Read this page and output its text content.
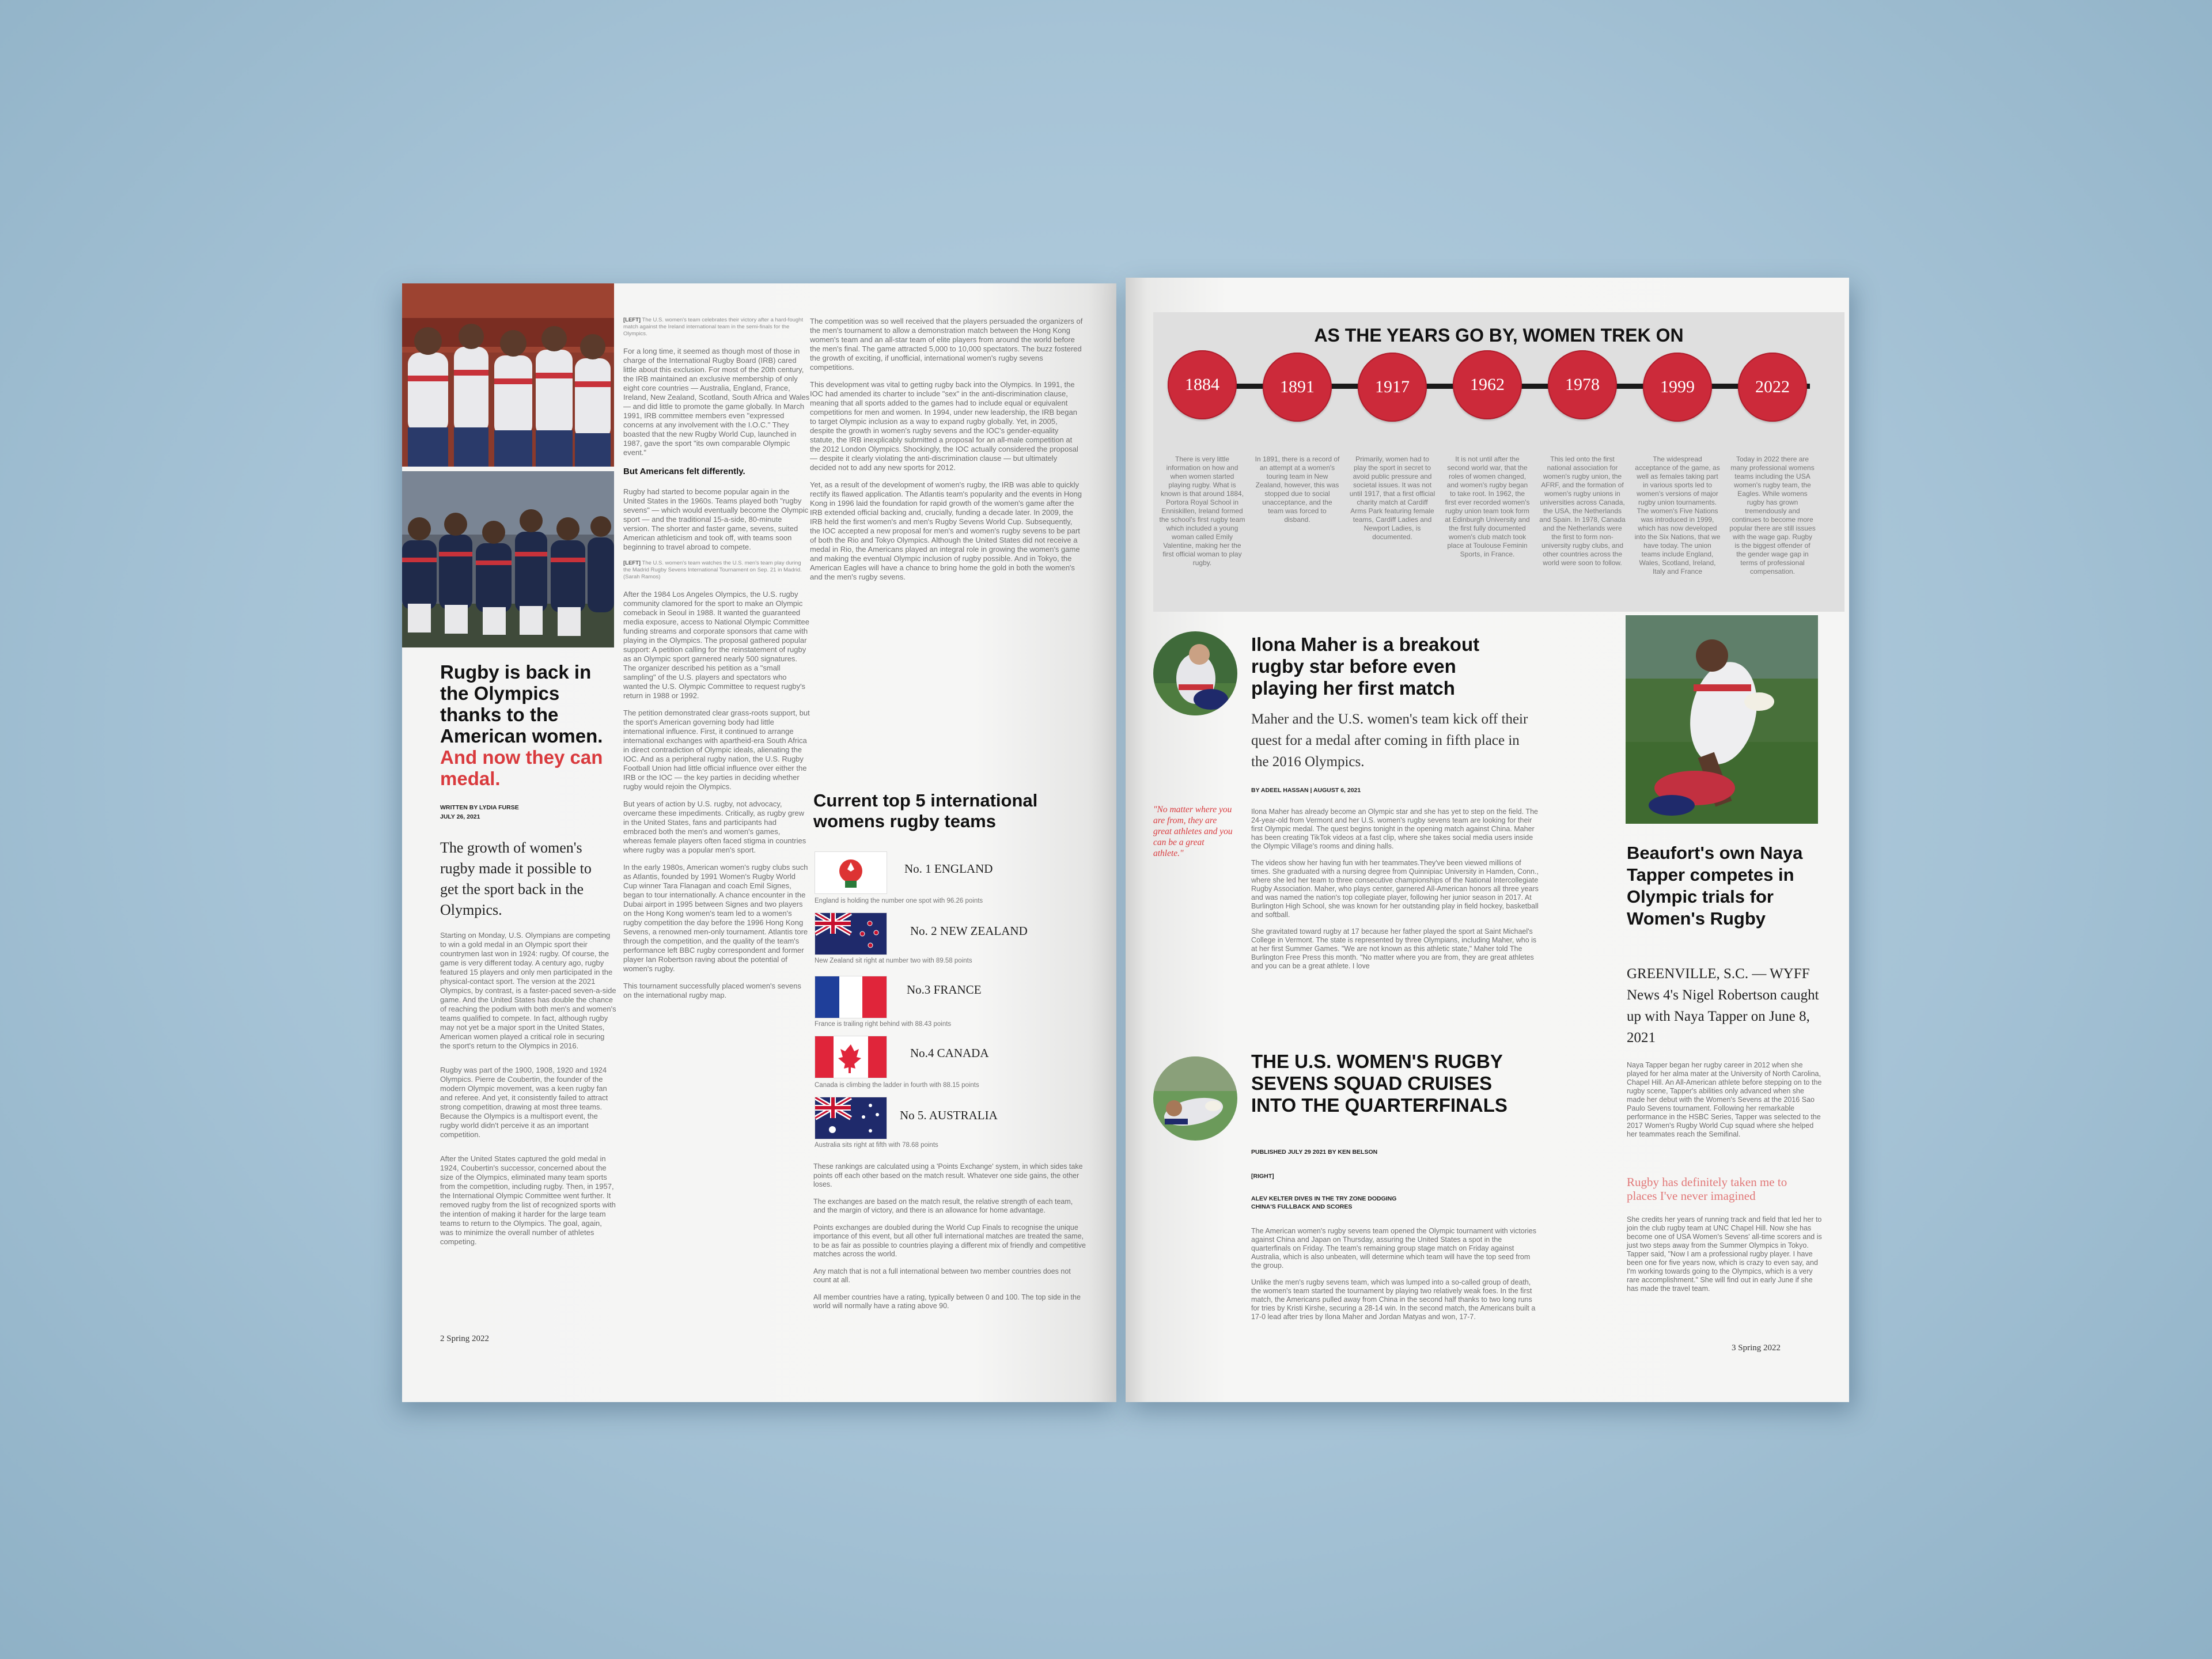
Rugby is back in the Olympics thanks to the American women. And now they can medal.
WRITTEN BY LYDIA FURSE
JULY 26, 2021
The growth of women's rugby made it possible to get the sport back in the Olympics.

Starting on Monday, U.S. Olympians are competing to win a gold medal in an Olympic sport their countrymen last won in 1924: rugby. Of course, the game is very different today. A century ago, rugby featured 15 players and only men participated in the physical-contact sport. The version at the 2021 Olympics, by contrast, is a faster-paced seven-a-side game. And the United States has double the chance of reaching the podium with both men's and women's teams qualified to compete. In fact, although rugby may not yet be a major sport in the United States, American women played a critical role in securing the sport's return to the Olympics in 2016.

Rugby was part of the 1900, 1908, 1920 and 1924 Olympics. Pierre de Coubertin, the founder of the modern Olympic movement, was a keen rugby fan and referee. And yet, it consistently failed to attract strong competition, drawing at most three teams. Because the Olympics is a multisport event, the rugby world didn't perceive it as an important competition.

After the United States captured the gold medal in 1924, Coubertin's successor, concerned about the size of the Olympics, eliminated many team sports from the competition, including rugby. Then, in 1957, the International Olympic Committee went further. It removed rugby from the list of recognized sports with the intention of making it harder for the large team teams to return to the Olympics. The goal, again, was to minimize the overall number of athletes competing.

2 Spring 2022
[LEFT] The U.S. women's team celebrates their victory after a hard-fought match against the Ireland international team in the semi-finals for the Olympics.

For a long time, it seemed as though most of those in charge of the International Rugby Board (IRB) cared little about this exclusion. For most of the 20th century, the IRB maintained an exclusive membership of only eight core countries — Australia, England, France, Ireland, New Zealand, Scotland, South Africa and Wales — and did little to promote the game globally. In March 1991, IRB committee members even "expressed concerns at any involvement with the I.O.C." They boasted that the new Rugby World Cup, launched in 1987, gave the sport "its own comparable Olympic event."

But Americans felt differently.

Rugby had started to become popular again in the United States in the 1960s. Teams played both "rugby sevens" — which would eventually become the Olympic sport — and the traditional 15-a-side, 80-minute version. The shorter and faster game, sevens, suited American athleticism and took off, with teams soon beginning to travel abroad to compete.

[LEFT] The U.S. women's team watches the U.S. men's team play during the Madrid Rugby Sevens International Tournament on Sep. 21 in Madrid. (Sarah Ramos)

After the 1984 Los Angeles Olympics, the U.S. rugby community clamored for the sport to make an Olympic comeback in Seoul in 1988. It wanted the guaranteed media exposure, access to National Olympic Committee funding streams and corporate sponsors that came with playing in the Olympics. The proposal gathered popular support: A petition calling for the reinstatement of rugby as an Olympic sport garnered nearly 500 signatures. The organizer described his petition as a "small sampling" of the U.S. players and spectators who wanted the U.S. Olympic Committee to request rugby's return in 1988 or 1992.

The petition demonstrated clear grass-roots support, but the sport's American governing body had little international influence. First, it continued to arrange international exchanges with apartheid-era South Africa in direct contradiction of Olympic ideals, alienating the IOC. And as a peripheral rugby nation, the U.S. Rugby Football Union had little official influence over either the IRB or the IOC — the key parties in deciding whether rugby would rejoin the Olympics.

But years of action by U.S. rugby, not advocacy, overcame these impediments. Critically, as rugby grew in the United States, fans and participants had embraced both the men's and women's games, whereas female players often faced stigma in countries where rugby was a popular men's sport.

In the early 1980s, American women's rugby clubs such as Atlantis, founded by 1991 Women's Rugby World Cup winner Tara Flanagan and coach Emil Signes, began to tour internationally. A chance encounter in the Dubai airport in 1995 between Signes and two players on the Hong Kong women's team led to a women's rugby competition the day before the 1996 Hong Kong Sevens, a renowned men-only tournament. Atlantis tore through the competition, and the quality of the team's performance left BBC rugby correspondent and former player Ian Robertson raving about the potential of women's rugby.

This tournament successfully placed women's sevens on the international rugby map.

The competition was so well received that the players persuaded the organizers of the men's tournament to allow a demonstration match between the Hong Kong women's team and an all-star team of elite players from around the world before the men's final. The game attracted 5,000 to 10,000 spectators. The buzz fostered the growth of exciting, if unofficial, international women's rugby sevens competitions.

This development was vital to getting rugby back into the Olympics. In 1991, the IOC had amended its charter to include "sex" in the anti-discrimination clause, meaning that all sports added to the games had to include equal or equivalent competitions for men and women. In 1994, under new leadership, the IRB began to target Olympic inclusion as a way to expand rugby globally. Yet, in 2005, despite the growth in women's rugby sevens and the IOC's gender-equality statute, the IRB inexplicably submitted a proposal for an all-male competition at the 2012 London Olympics. Shockingly, the IOC actually considered the proposal — despite it clearly violating the anti-discrimination clause — but ultimately decided not to add any new sports for 2012.

Yet, as a result of the development of women's rugby, the IRB was able to quickly rectify its flawed application. The Atlantis team's popularity and the events in Hong Kong in 1996 laid the foundation for rapid growth of the women's game after the IRB extended official backing and, crucially, funding a decade later. In 2009, the IRB held the first women's and men's Rugby Sevens World Cup. Subsequently, the IOC accepted a new proposal for men's and women's rugby sevens to be part of both the Rio and Tokyo Olympics. Although the United States did not receive a medal in Rio, the Americans played an integral role in growing the women's game and making the eventual Olympic inclusion of rugby possible. And in Tokyo, the American Eagles will have a chance to bring home the gold in both the women's and the men's rugby sevens.

Current top 5 international womens rugby teams
No. 1 ENGLAND
England is holding the number one spot with 96.26 points
No. 2 NEW ZEALAND
New Zealand sit right at number two with 89.58 points
No.3 FRANCE
France is trailing right behind with 88.43 points
No.4 CANADA
Canada is climbing the ladder in fourth with 88.15 points
No 5. AUSTRALIA
Australia sits right at fifth with 78.68 points

These rankings are calculated using a 'Points Exchange' system, in which sides take points off each other based on the match result. Whatever one side gains, the other loses.

The exchanges are based on the match result, the relative strength of each team, and the margin of victory, and there is an allowance for home advantage.

Points exchanges are doubled during the World Cup Finals to recognise the unique importance of this event, but all other full international matches are treated the same, to be as fair as possible to countries playing a different mix of friendly and competitive matches across the world.

Any match that is not a full international between two member countries does not count at all.

All member countries have a rating, typically between 0 and 100. The top side in the world will normally have a rating above 90.

AS THE YEARS GO BY, WOMEN TREK ON
1884	1891	1917	1962	1978	1999	2022
There is very little information on how and when women started playing rugby. What is known is that around 1884, Portora Royal School in Enniskillen, Ireland formed the school's first rugby team which included a young woman called Emily Valentine, making her the first official woman to play rugby.
In 1891, there is a record of an attempt at a women's touring team in New Zealand, however, this was stopped due to social unacceptance, and the team was forced to disband.
Primarily, women had to play the sport in secret to avoid public pressure and societal issues. It was not until 1917, that a first official charity match at Cardiff Arms Park featuring female teams, Cardiff Ladies and Newport Ladies, is documented.
It is not until after the second world war, that the roles of women changed, and women's rugby began to take root. In 1962, the first ever recorded women's rugby union team took form at Edinburgh University and the first fully documented women's club match took place at Toulouse Feminin Sports, in France.
This led onto the first national association for women's rugby union, the AFRF, and the formation of women's rugby unions in universities across Canada, the USA, the Netherlands and Spain. In 1978, Canada and the Netherlands were the first to form non-university rugby clubs, and other countries across the world were soon to follow.
The widespread acceptance of the game, as well as females taking part in various sports led to women's versions of major rugby union tournaments. The women's Five Nations was introduced in 1999, which has now developed into the Six Nations, that we have today. The union teams include England, Wales, Scotland, Ireland, Italy and France
Today in 2022 there are many professional womens teams including the USA women's rugby team, the Eagles. While womens rugby has grown tremendously and continues to become more popular there are still issues with the wage gap. Rugby is the biggest offender of the gender wage gap in terms of professional compensation.
Ilona Maher is a breakout rugby star before even playing her first match
Maher and the U.S. women's team kick off their quest for a medal after coming in fifth place in the 2016 Olympics.
BY ADEEL HASSAN | AUGUST 6, 2021
"No matter where you are from, they are great athletes and you can be a great athlete."

Ilona Maher has already become an Olympic star and she has yet to step on the field. The 24-year-old from Vermont and her U.S. women's rugby sevens team are looking for their first Olympic medal. The quest begins tonight in the opening match against China. Maher has been creating TikTok videos at a fast clip, where she takes social media users inside the Olympic Village's rooms and dining halls.

The videos show her having fun with her teammates.They've been viewed millions of times. She graduated with a nursing degree from Quinnipiac University in Hamden, Conn., where she led her team to three consecutive championships of the National Intercollegiate Rugby Association. Maher, who plays center, garnered All-American honors all three years and was named the nation's top collegiate player, following her junior season in 2017. At Burlington High School, she was known for her outstanding play in field hockey, basketball and softball.

She gravitated toward rugby at 17 because her father played the sport at Saint Michael's College in Vermont. The state is represented by three Olympians, including Maher, who is at her first Summer Games. "We are not known as this athletic state," Maher told The Burlington Free Press this month. "No matter where you are from, they are great athletes and you can be a great athlete. I love

THE U.S. WOMEN'S RUGBY SEVENS SQUAD CRUISES INTO THE QUARTERFINALS
PUBLISHED JULY 29 2021 BY KEN BELSON
[RIGHT]
ALEV KELTER DIVES IN THE TRY ZONE DODGING CHINA'S FULLBACK AND SCORES

The American women's rugby sevens team opened the Olympic tournament with victories against China and Japan on Thursday, assuring the United States a spot in the quarterfinals on Friday. The team's remaining group stage match on Friday against Australia, which is also unbeaten, will determine which team will have the top seed from the group.

Unlike the men's rugby sevens team, which was lumped into a so-called group of death, the women's team started the tournament by playing two relatively weak foes. In the first match, the Americans pulled away from China in the second half thanks to two long runs for tries by Kristi Kirshe, securing a 28-14 win. In the second match, the Americans built a 17-0 lead after tries by Ilona Maher and Jordan Matyas and won, 17-7.

Beaufort's own Naya Tapper competes in Olympic trials for Women's Rugby
GREENVILLE, S.C. — WYFF News 4's Nigel Robertson caught up with Naya Tapper on June 8, 2021

Naya Tapper began her rugby career in 2012 when she played for her alma mater at the University of North Carolina, Chapel Hill. An All-American athlete before stepping on to the rugby scene, Tapper's abilities only advanced when she made her debut with the Women's Sevens at the 2016 Sao Paulo Sevens tournament. Following her remarkable performance in the HSBC Series, Tapper was selected to the 2017 Women's Rugby World Cup squad where she helped her teammates reach the Semifinal.

Rugby has definitely taken me to places I've never imagined

She credits her years of running track and field that led her to join the club rugby team at UNC Chapel Hill. Now she has become one of USA Women's Sevens' all-time scorers and is just two steps away from the Summer Olympics in Tokyo. Tapper said, "Now I am a professional rugby player. I have been one for five years now, which is crazy to even say, and I'm working towards going to the Olympics, which is a very rare accomplishment." She will find out in early June if she has made the travel team.

3 Spring 2022
